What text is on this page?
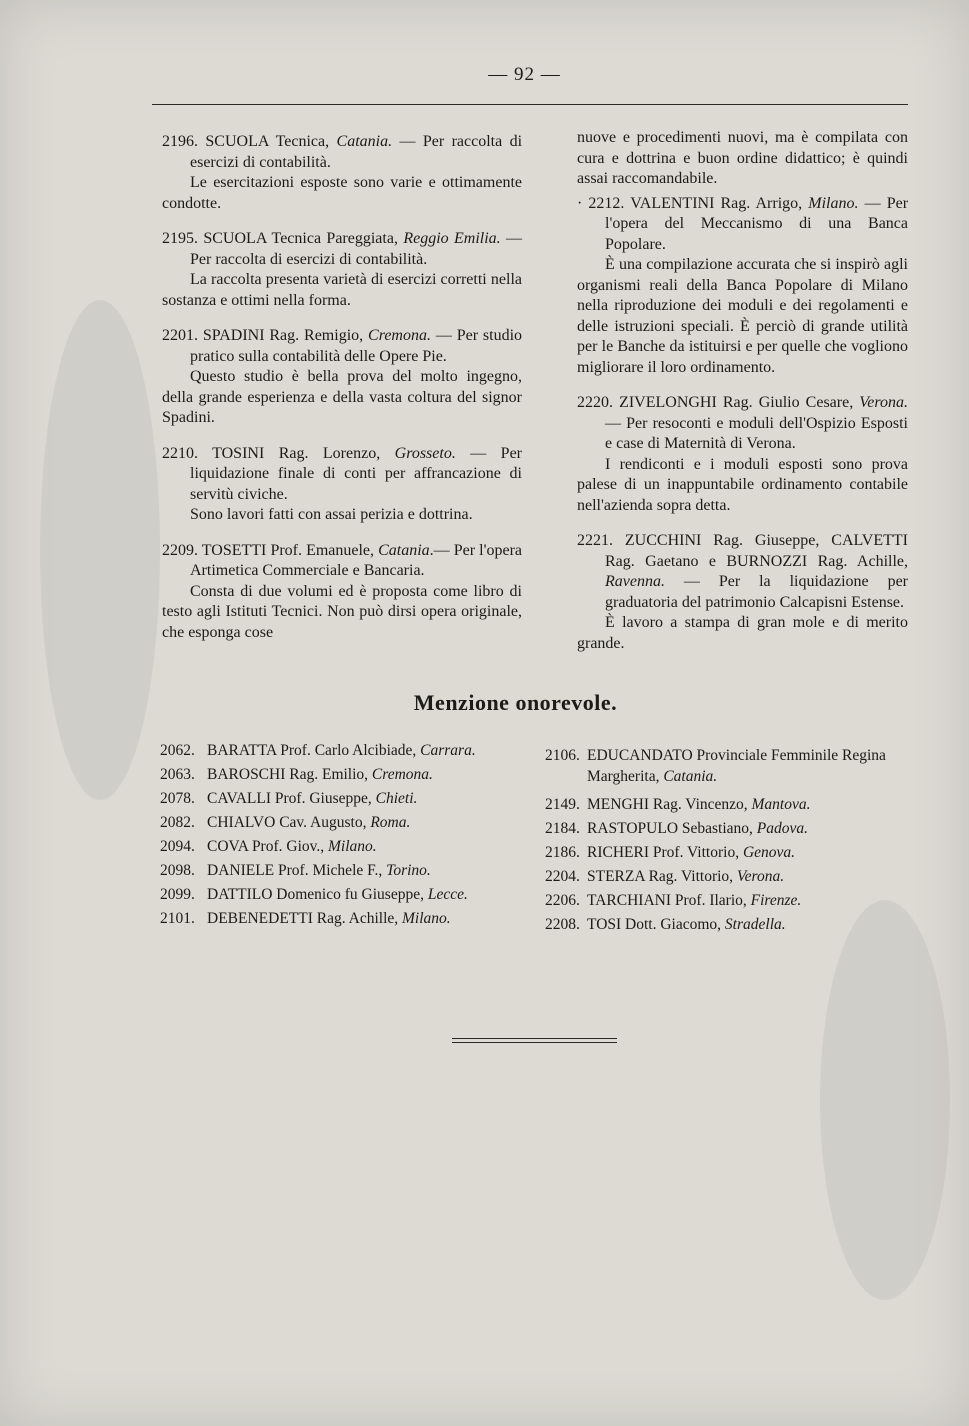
— 92 —

2196. SCUOLA Tecnica, Catania. — Per raccolta di esercizi di contabilità.

Le esercitazioni esposte sono varie e ottimamente condotte.

2195. SCUOLA Tecnica Pareggiata, Reggio Emilia. — Per raccolta di esercizi di contabilità.

La raccolta presenta varietà di esercizi corretti nella sostanza e ottimi nella forma.

2201. SPADINI Rag. Remigio, Cremona. — Per studio pratico sulla contabilità delle Opere Pie.

Questo studio è bella prova del molto ingegno, della grande esperienza e della vasta coltura del signor Spadini.

2210. TOSINI Rag. Lorenzo, Grosseto. — Per liquidazione finale di conti per affrancazione di servitù civiche.

Sono lavori fatti con assai perizia e dottrina.

2209. TOSETTI Prof. Emanuele, Catania.— Per l'opera Artimetica Commerciale e Bancaria.

Consta di due volumi ed è proposta come libro di testo agli Istituti Tecnici. Non può dirsi opera originale, che esponga cose

nuove e procedimenti nuovi, ma è compilata con cura e dottrina e buon ordine didattico; è quindi assai raccomandabile.

· 2212. VALENTINI Rag. Arrigo, Milano. — Per l'opera del Meccanismo di una Banca Popolare.

È una compilazione accurata che si inspirò agli organismi reali della Banca Popolare di Milano nella riproduzione dei moduli e dei regolamenti e delle istruzioni speciali. È perciò di grande utilità per le Banche da istituirsi e per quelle che vogliono migliorare il loro ordinamento.

2220. ZIVELONGHI Rag. Giulio Cesare, Verona. — Per resoconti e moduli dell'Ospizio Esposti e case di Maternità di Verona.

I rendiconti e i moduli esposti sono prova palese di un inappuntabile ordinamento contabile nell'azienda sopra detta.

2221. ZUCCHINI Rag. Giuseppe, CALVETTI Rag. Gaetano e BURNOZZI Rag. Achille, Ravenna. — Per la liquidazione per graduatoria del patrimonio Calcapisni Estense.

È lavoro a stampa di gran mole e di merito grande.

Menzione onorevole.
2062. BARATTA Prof. Carlo Alcibiade, Carrara.
2063. BAROSCHI Rag. Emilio, Cremona.
2078. CAVALLI Prof. Giuseppe, Chieti.
2082. CHIALVO Cav. Augusto, Roma.
2094. COVA Prof. Giov., Milano.
2098. DANIELE Prof. Michele F., Torino.
2099. DATTILO Domenico fu Giuseppe, Lecce.
2101. DEBENEDETTI Rag. Achille, Milano.
2106. EDUCANDATO Provinciale Femminile Regina Margherita, Catania.
2149. MENGHI Rag. Vincenzo, Mantova.
2184. RASTOPULO Sebastiano, Padova.
2186. RICHERI Prof. Vittorio, Genova.
2204. STERZA Rag. Vittorio, Verona.
2206. TARCHIANI Prof. Ilario, Firenze.
2208. TOSI Dott. Giacomo, Stradella.
